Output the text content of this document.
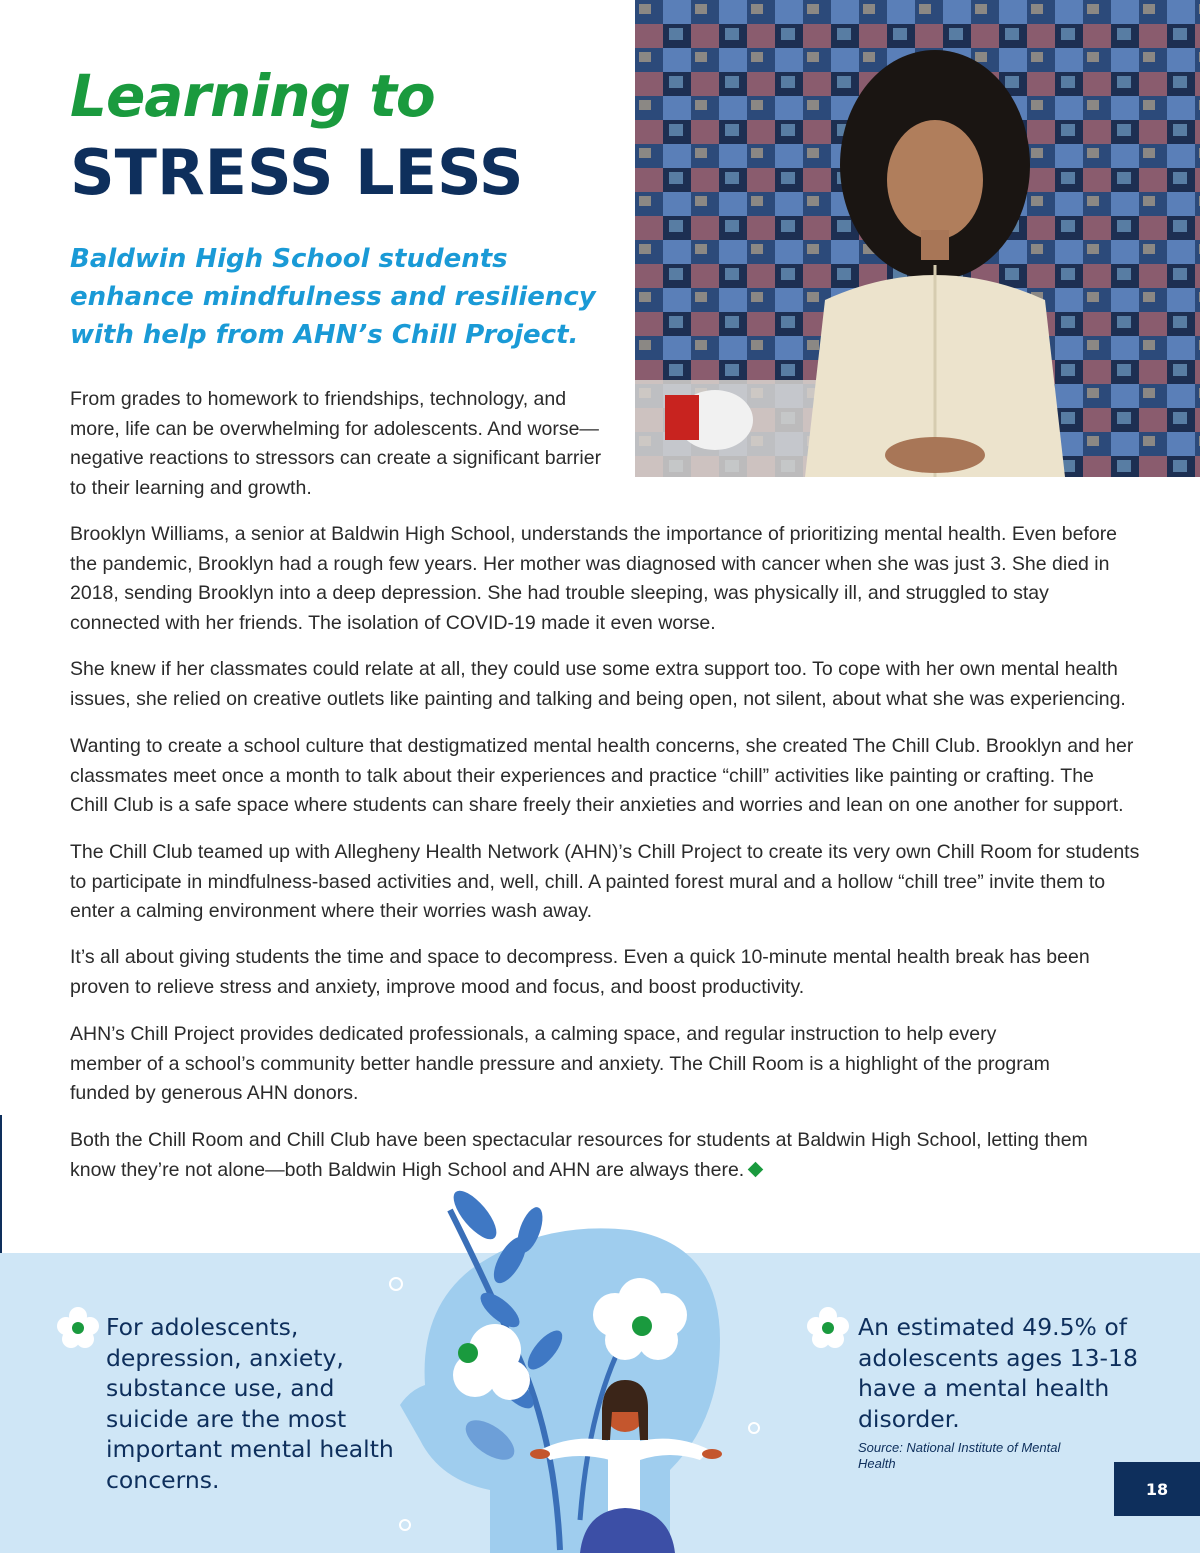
Learning to
STRESS LESS
Baldwin High School students enhance mindfulness and resiliency with help from AHN’s Chill Project.

From grades to homework to friendships, technology, and more, life can be overwhelming for adolescents. And worse—negative reactions to stressors can create a significant barrier to their learning and growth.

Brooklyn Williams, a senior at Baldwin High School, understands the importance of prioritizing mental health. Even before the pandemic, Brooklyn had a rough few years. Her mother was diagnosed with cancer when she was just 3. She died in 2018, sending Brooklyn into a deep depression. She had trouble sleeping, was physically ill, and struggled to stay connected with her friends. The isolation of COVID-19 made it even worse.

She knew if her classmates could relate at all, they could use some extra support too. To cope with her own mental health issues, she relied on creative outlets like painting and talking and being open, not silent, about what she was experiencing.

Wanting to create a school culture that destigmatized mental health concerns, she created The Chill Club. Brooklyn and her classmates meet once a month to talk about their experiences and practice “chill” activities like painting or crafting. The Chill Club is a safe space where students can share freely their anxieties and worries and lean on one another for support.

The Chill Club teamed up with Allegheny Health Network (AHN)’s Chill Project to create its very own Chill Room for students to participate in mindfulness-based activities and, well, chill. A painted forest mural and a hollow “chill tree” invite them to enter a calming environment where their worries wash away.

It’s all about giving students the time and space to decompress. Even a quick 10-minute mental health break has been proven to relieve stress and anxiety, improve mood and focus, and boost productivity.

AHN’s Chill Project provides dedicated professionals, a calming space, and regular instruction to help every member of a school’s community better handle pressure and anxiety. The Chill Room is a highlight of the program funded by generous AHN donors.

Both the Chill Room and Chill Club have been spectacular resources for students at Baldwin High School, letting them know they’re not alone—both Baldwin High School and AHN are always there.

For adolescents, depression, anxiety, substance use, and suicide are the most important mental health concerns.
An estimated 49.5% of adolescents ages 13-18 have a mental health disorder.
Source: National Institute of Mental Health
18
